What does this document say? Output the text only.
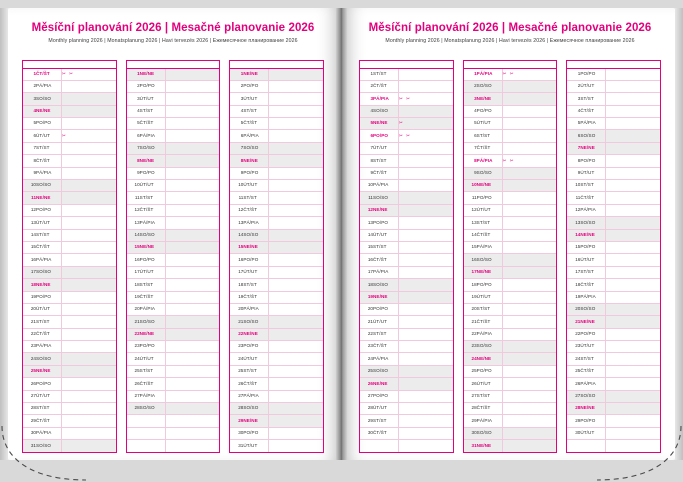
Měsíční planování 2026 | Mesačné planovanie 2026
Monthly planning 2026 | Monatsplanung 2026 | Havi tervezés 2026 | Ежемесячное планирование 2026
1	ČT/ŠT	✂ ✂
2	PÁ/PIA	
3	SO/SO	
4	NE/NE	
5	PO/PO	
6	ÚT/UT	✂
7	ST/ST	
8	ČT/ŠT	
9	PÁ/PIA	
10	SO/SO	
11	NE/NE	
12	PO/PO	
13	ÚT/UT	
14	ST/ST	
15	ČT/ŠT	
16	PÁ/PIA	
17	SO/SO	
18	NE/NE	
19	PO/PO	
20	ÚT/UT	
21	ST/ST	
22	ČT/ŠT	
23	PÁ/PIA	
24	SO/SO	
25	NE/NE	
26	PO/PO	
27	ÚT/UT	
28	ST/ST	
29	ČT/ŠT	
30	PÁ/PIA	
31	SO/SO	
1	NE/NE	
2	PO/PO	
3	ÚT/UT	
4	ST/ST	
5	ČT/ŠT	
6	PÁ/PIA	
7	SO/SO	
8	NE/NE	
9	PO/PO	
10	ÚT/UT	
11	ST/ST	
12	ČT/ŠT	
13	PÁ/PIA	
14	SO/SO	
15	NE/NE	
16	PO/PO	
17	ÚT/UT	
18	ST/ST	
19	ČT/ŠT	
20	PÁ/PIA	
21	SO/SO	
22	NE/NE	
23	PO/PO	
24	ÚT/UT	
25	ST/ST	
26	ČT/ŠT	
27	PÁ/PIA	
28	SO/SO	

1	NE/NE	
2	PO/PO	
3	ÚT/UT	
4	ST/ST	
5	ČT/ŠT	
6	PÁ/PIA	
7	SO/SO	
8	NE/NE	
9	PO/PO	
10	ÚT/UT	
11	ST/ST	
12	ČT/ŠT	
13	PÁ/PIA	
14	SO/SO	
15	NE/NE	
16	PO/PO	
17	ÚT/UT	
18	ST/ST	
19	ČT/ŠT	
20	PÁ/PIA	
21	SO/SO	
22	NE/NE	
23	PO/PO	
24	ÚT/UT	
25	ST/ST	
26	ČT/ŠT	
27	PÁ/PIA	
28	SO/SO	
29	NE/NE	
30	PO/PO	
31	ÚT/UT	
Měsíční planování 2026 | Mesačné planovanie 2026
Monthly planning 2026 | Monatsplanung 2026 | Havi tervezés 2026 | Ежемесячное планирование 2026
1	ST/ST	
2	ČT/ŠT	
3	PÁ/PIA	✂ ✂
4	SO/SO	
5	NE/NE	✂
6	PO/PO	✂ ✂
7	ÚT/UT	
8	ST/ST	
9	ČT/ŠT	
10	PÁ/PIA	
11	SO/SO	
12	NE/NE	
13	PO/PO	
14	ÚT/UT	
15	ST/ST	
16	ČT/ŠT	
17	PÁ/PIA	
18	SO/SO	
19	NE/NE	
20	PO/PO	
21	ÚT/UT	
22	ST/ST	
23	ČT/ŠT	
24	PÁ/PIA	
25	SO/SO	
26	NE/NE	
27	PO/PO	
28	ÚT/UT	
29	ST/ST	
30	ČT/ŠT	

1	PÁ/PIA	✂ ✂
2	SO/SO	
3	NE/NE	
4	PO/PO	
5	ÚT/UT	
6	ST/ST	
7	ČT/ŠT	
8	PÁ/PIA	✂ ✂
9	SO/SO	
10	NE/NE	
11	PO/PO	
12	ÚT/UT	
13	ST/ST	
14	ČT/ŠT	
15	PÁ/PIA	
16	SO/SO	
17	NE/NE	
18	PO/PO	
19	ÚT/UT	
20	ST/ST	
21	ČT/ŠT	
22	PÁ/PIA	
23	SO/SO	
24	NE/NE	
25	PO/PO	
26	ÚT/UT	
27	ST/ST	
28	ČT/ŠT	
29	PÁ/PIA	
30	SO/SO	
31	NE/NE	
1	PO/PO	
2	ÚT/UT	
3	ST/ST	
4	ČT/ŠT	
5	PÁ/PIA	
6	SO/SO	
7	NE/NE	
8	PO/PO	
9	ÚT/UT	
10	ST/ST	
11	ČT/ŠT	
12	PÁ/PIA	
13	SO/SO	
14	NE/NE	
15	PO/PO	
16	ÚT/UT	
17	ST/ST	
18	ČT/ŠT	
19	PÁ/PIA	
20	SO/SO	
21	NE/NE	
22	PO/PO	
23	ÚT/UT	
24	ST/ST	
25	ČT/ŠT	
26	PÁ/PIA	
27	SO/SO	
28	NE/NE	
29	PO/PO	
30	ÚT/UT	
